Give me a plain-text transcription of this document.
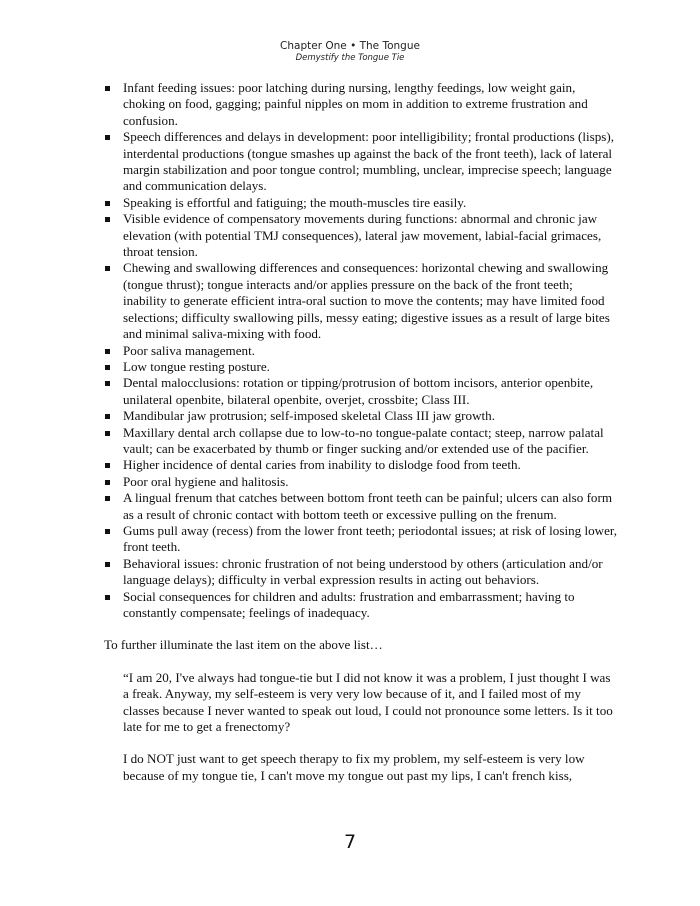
Chapter One • The Tongue
Demystify the Tongue Tie
Infant feeding issues: poor latching during nursing, lengthy feedings, low weight gain, choking on food, gagging; painful nipples on mom in addition to extreme frustration and confusion.
Speech differences and delays in development: poor intelligibility; frontal productions (lisps), interdental productions (tongue smashes up against the back of the front teeth), lack of lateral margin stabilization and poor tongue control; mumbling, unclear, imprecise speech; language and communication delays.
Speaking is effortful and fatiguing; the mouth-muscles tire easily.
Visible evidence of compensatory movements during functions: abnormal and chronic jaw elevation (with potential TMJ consequences), lateral jaw movement, labial-facial grimaces, throat tension.
Chewing and swallowing differences and consequences: horizontal chewing and swallowing (tongue thrust); tongue interacts and/or applies pressure on the back of the front teeth; inability to generate efficient intra-oral suction to move the contents; may have limited food selections; difficulty swallowing pills, messy eating; digestive issues as a result of large bites and minimal saliva-mixing with food.
Poor saliva management.
Low tongue resting posture.
Dental malocclusions: rotation or tipping/protrusion of bottom incisors, anterior openbite, unilateral openbite, bilateral openbite, overjet, crossbite; Class III.
Mandibular jaw protrusion; self-imposed skeletal Class III jaw growth.
Maxillary dental arch collapse due to low-to-no tongue-palate contact; steep, narrow palatal vault; can be exacerbated by thumb or finger sucking and/or extended use of the pacifier.
Higher incidence of dental caries from inability to dislodge food from teeth.
Poor oral hygiene and halitosis.
A lingual frenum that catches between bottom front teeth can be painful; ulcers can also form as a result of chronic contact with bottom teeth or excessive pulling on the frenum.
Gums pull away (recess) from the lower front teeth; periodontal issues; at risk of losing lower, front teeth.
Behavioral issues: chronic frustration of not being understood by others (articulation and/or language delays); difficulty in verbal expression results in acting out behaviors.
Social consequences for children and adults: frustration and embarrassment; having to constantly compensate; feelings of inadequacy.

To further illuminate the last item on the above list…

“I am 20, I've always had tongue-tie but I did not know it was a problem, I just thought I was a freak. Anyway, my self-esteem is very very low because of it, and I failed most of my classes because I never wanted to speak out loud, I could not pronounce some letters. Is it too late for me to get a frenectomy?

I do NOT just want to get speech therapy to fix my problem, my self-esteem is very low because of my tongue tie, I can't move my tongue out past my lips, I can't french kiss,

7
